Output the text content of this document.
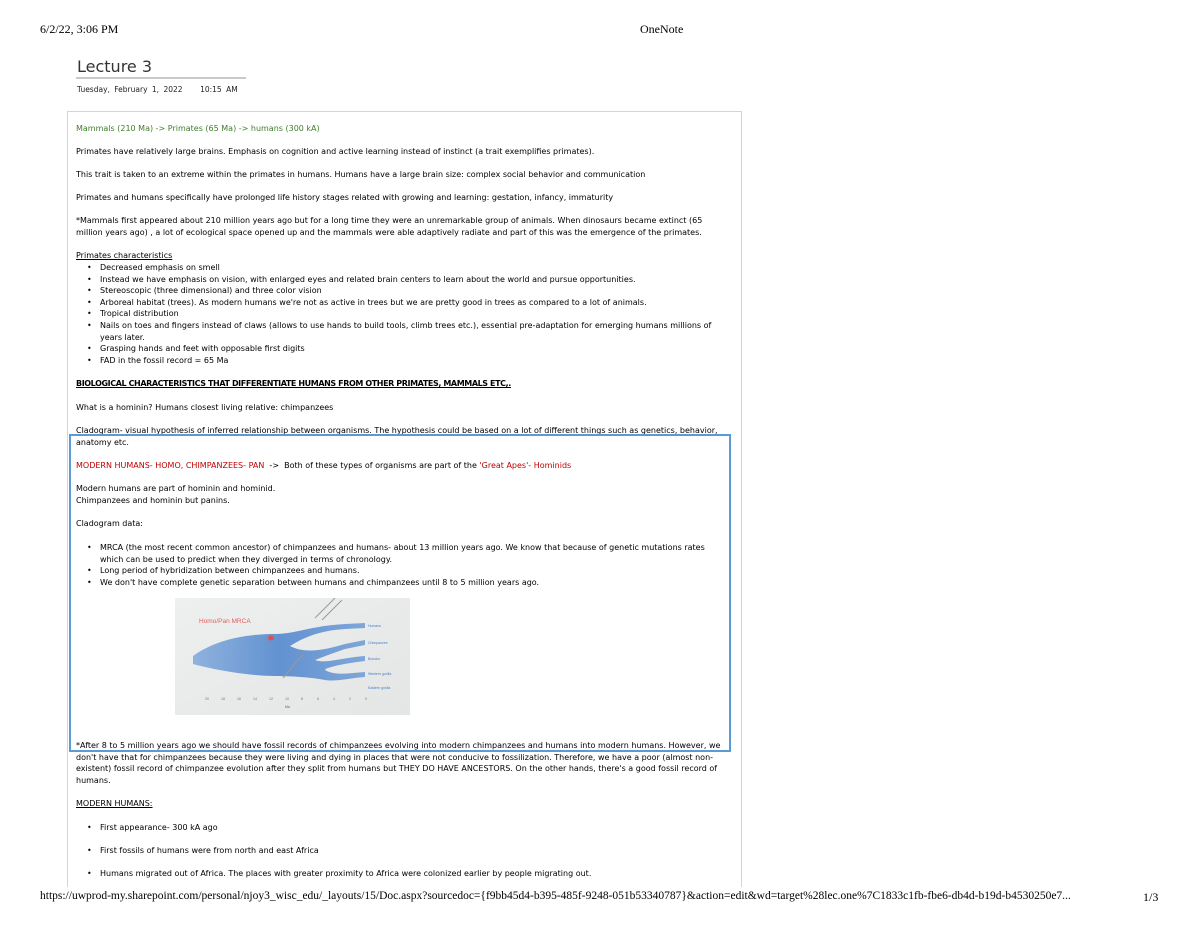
6/2/22, 3:06 PM	OneNote
Lecture 3
Tuesday, February 1, 2022 10:15 AM

Mammals (210 Ma) -> Primates (65 Ma) -> humans (300 kA)

Primates have relatively large brains. Emphasis on cognition and active learning instead of instinct (a trait exemplifies primates).

This trait is taken to an extreme within the primates in humans. Humans have a large brain size: complex social behavior and communication

Primates and humans specifically have prolonged life history stages related with growing and learning: gestation, infancy, immaturity

*Mammals first appeared about 210 million years ago but for a long time they were an unremarkable group of animals. When dinosaurs became extinct (65 million years ago) , a lot of ecological space opened up and the mammals were able adaptively radiate and part of this was the emergence of the primates.

Primates characteristics

• Decreased emphasis on smell
• Instead we have emphasis on vision, with enlarged eyes and related brain centers to learn about the world and pursue opportunities.
• Stereoscopic (three dimensional) and three color vision
• Arboreal habitat (trees). As modern humans we're not as active in trees but we are pretty good in trees as compared to a lot of animals.
• Tropical distribution
• Nails on toes and fingers instead of claws (allows to use hands to build tools, climb trees etc.), essential pre-adaptation for emerging humans millions of years later.
• Grasping hands and feet with opposable first digits
• FAD in the fossil record = 65 Ma

BIOLOGICAL CHARACTERISTICS THAT DIFFERENTIATE HUMANS FROM OTHER PRIMATES, MAMMALS ETC,.

What is a hominin? Humans closest living relative: chimpanzees

Cladogram- visual hypothesis of inferred relationship between organisms. The hypothesis could be based on a lot of different things such as genetics, behavior, anatomy etc.

MODERN HUMANS- HOMO, CHIMPANZEES- PAN  ->  Both of these types of organisms are part of the 'Great Apes'- Hominids

Modern humans are part of hominin and hominid.

Chimpanzees and hominin but panins.

Cladogram data:

• MRCA (the most recent common ancestor) of chimpanzees and humans- about 13 million years ago. We know that because of genetic mutations rates which can be used to predict when they diverged in terms of chronology.
• Long period of hybridization between chimpanzees and humans.
• We don't have complete genetic separation between humans and chimpanzees until 8 to 5 million years ago.
Homo/Pan MRCA
Humans
Chimpanzee
Bonobo
Western gorilla
Eastern gorilla
20	18	16	14	12	10	8	6	4	2	0
Ma

*After 8 to 5 million years ago we should have fossil records of chimpanzees evolving into modern chimpanzees and humans into modern humans. However, we don't have that for chimpanzees because they were living and dying in places that were not conducive to fossilization. Therefore, we have a poor (almost non-existent) fossil record of chimpanzee evolution after they split from humans but THEY DO HAVE ANCESTORS. On the other hands, there's a good fossil record of humans.

MODERN HUMANS:

• First appearance- 300 kA ago
• First fossils of humans were from north and east Africa
• Humans migrated out of Africa. The places with greater proximity to Africa were colonized earlier by people migrating out.
https://uwprod-my.sharepoint.com/personal/njoy3_wisc_edu/_layouts/15/Doc.aspx?sourcedoc={f9bb45d4-b395-485f-9248-051b53340787}&action=edit&wd=target%28lec.one%7C1833c1fb-fbe6-db4d-b19d-b4530250e7...	1/3
